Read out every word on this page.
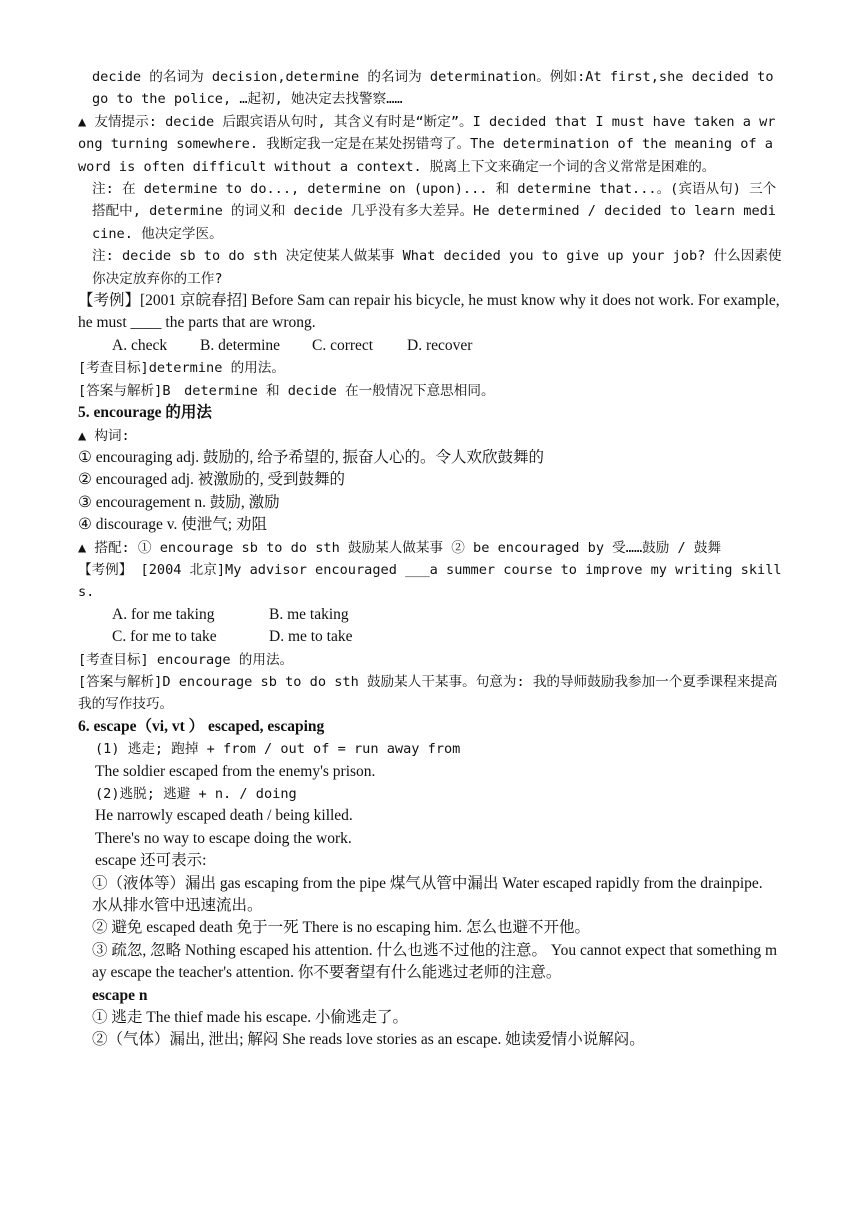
decide 的名词为 decision,determine 的名词为 determination。例如:At first,she decided to go to the police, …起初, 她决定去找警察……

▲ 友情提示: decide 后跟宾语从句时, 其含义有时是“断定”。I decided that I must have taken a wrong turning somewhere. 我断定我一定是在某处拐错弯了。The determination of the meaning of a word is often difficult without a context. 脱离上下文来确定一个词的含义常常是困难的。

注: 在 determine to do..., determine on (upon)... 和 determine that...。(宾语从句) 三个搭配中, determine 的词义和 decide 几乎没有多大差异。He determined / decided to learn medicine. 他决定学医。

注: decide sb to do sth 决定使某人做某事 What decided you to give up your job? 什么因素使你决定放弃你的工作?

【考例】[2001 京皖春招] Before Sam can repair his bicycle, he must know why it does not work. For example, he must ____ the parts that are wrong.

A. check	B. determine	C. correct	D. recover

[考查目标]determine 的用法。

[答案与解析]B　determine 和 decide 在一般情况下意思相同。

5. encourage 的用法

▲ 构词:

① encouraging adj. 鼓励的, 给予希望的, 振奋人心的。令人欢欣鼓舞的

② encouraged adj. 被激励的, 受到鼓舞的

③ encouragement n. 鼓励, 激励

④ discourage v. 使泄气; 劝阻

▲ 搭配: ① encourage sb to do sth 鼓励某人做某事 ② be encouraged by 受……鼓励 / 鼓舞

【考例】 [2004 北京]My advisor encouraged ___a summer course to improve my writing skills.

A. for me taking	B. me taking
C. for me to take	D. me to take

[考查目标] encourage 的用法。

[答案与解析]D encourage sb to do sth 鼓励某人干某事。句意为: 我的导师鼓励我参加一个夏季课程来提高我的写作技巧。

6. escape（vi, vt ） escaped, escaping

(1) 逃走; 跑掉 + from / out of = run away from

The soldier escaped from the enemy's prison.

(2)逃脱; 逃避 + n. / doing

He narrowly escaped death / being killed.

There's no way to escape doing the work.

escape 还可表示:

①（液体等）漏出 gas escaping from the pipe 煤气从管中漏出 Water escaped rapidly from the drainpipe. 水从排水管中迅速流出。

② 避免 escaped death 免于一死 There is no escaping him. 怎么也避不开他。

③ 疏忽, 忽略 Nothing escaped his attention. 什么也逃不过他的注意。 You cannot expect that something may escape the teacher's attention. 你不要奢望有什么能逃过老师的注意。

escape n

① 逃走 The thief made his escape. 小偷逃走了。

②（气体）漏出, 泄出; 解闷 She reads love stories as an escape. 她读爱情小说解闷。
